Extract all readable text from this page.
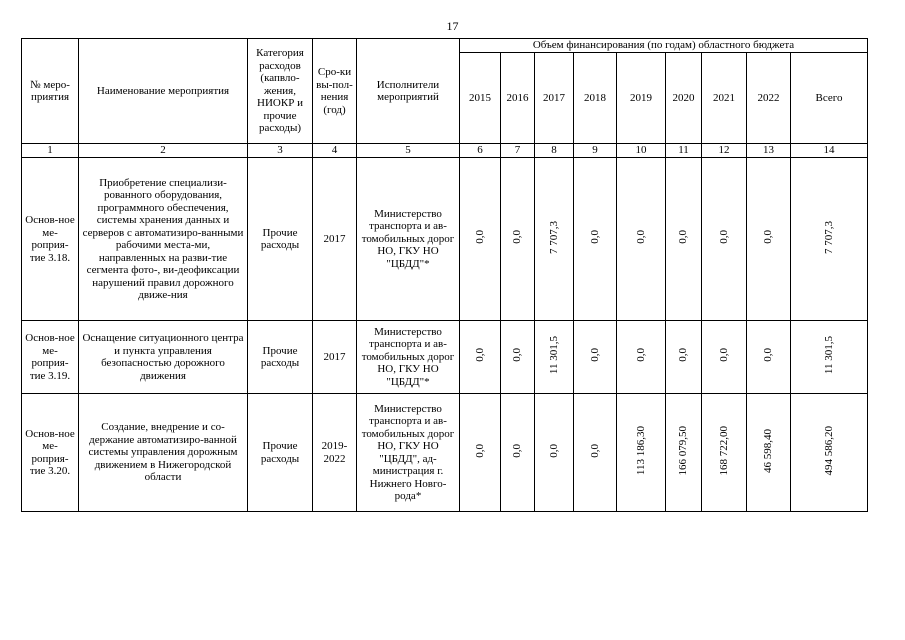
17
№ меро-приятия	Наименование мероприятия	Категория расходов (капвло-жения, НИОКР и прочие расходы)	Сро-ки вы-пол-нения (год)	Исполнители мероприятий	Объем финансирования (по годам) областного бюджета								
					2015	2016	2017	2018	2019	2020	2021	2022	Всего
1	2	3	4	5	6	7	8	9	10	11	12	13	14
Основ-ное ме-роприя-тие 3.18.	Приобретение специализи-рованного оборудования, программного обеспечения, системы хранения данных и серверов с автоматизиро-ванными рабочими места-ми, направленных на разви-тие сегмента фото-, ви-деофиксации нарушений правил дорожного движе-ния	Прочие расходы	2017	Министерство транспорта и ав-томобильных дорог НО, ГКУ НО "ЦБДД"*	0,0	0,0	7 707,3	0,0	0,0	0,0	0,0	0,0	7 707,3
Основ-ное ме-роприя-тие 3.19.	Оснащение ситуационного центра и пункта управления безопасностью дорожного движения	Прочие расходы	2017	Министерство транспорта и ав-томобильных дорог НО, ГКУ НО "ЦБДД"*	0,0	0,0	11 301,5	0,0	0,0	0,0	0,0	0,0	11 301,5
Основ-ное ме-роприя-тие 3.20.	Создание, внедрение и со-держание автоматизиро-ванной системы управления дорожным движением в Нижегородской области	Прочие расходы	2019-2022	Министерство транспорта и ав-томобильных дорог НО, ГКУ НО "ЦБДД", ад-министрация г. Нижнего Новго-рода*	0,0	0,0	0,0	0,0	113 186,30	166 079,50	168 722,00	46 598,40	494 586,20
